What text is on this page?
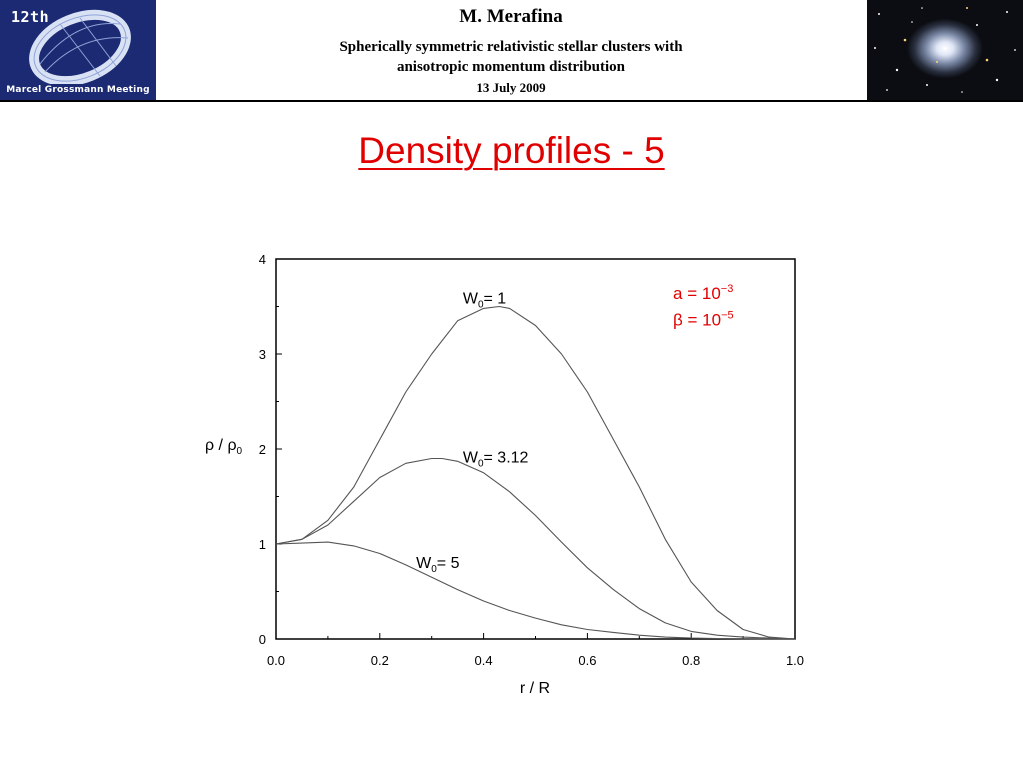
12th
Marcel Grossmann Meeting
M. Merafina
Spherically symmetric relativistic stellar clusters with
anisotropic momentum distribution
13 July 2009
Density profiles - 5
0.0	0.2	0.4	0.6	0.8	1.0
0
1
2
3
4
$W_0= 1$
$W_0= 3.12$
$W_0= 5$
$a = 10^{-3}$
$\beta = 10^{-5}$
r / R
ρ / $\rho_0$
